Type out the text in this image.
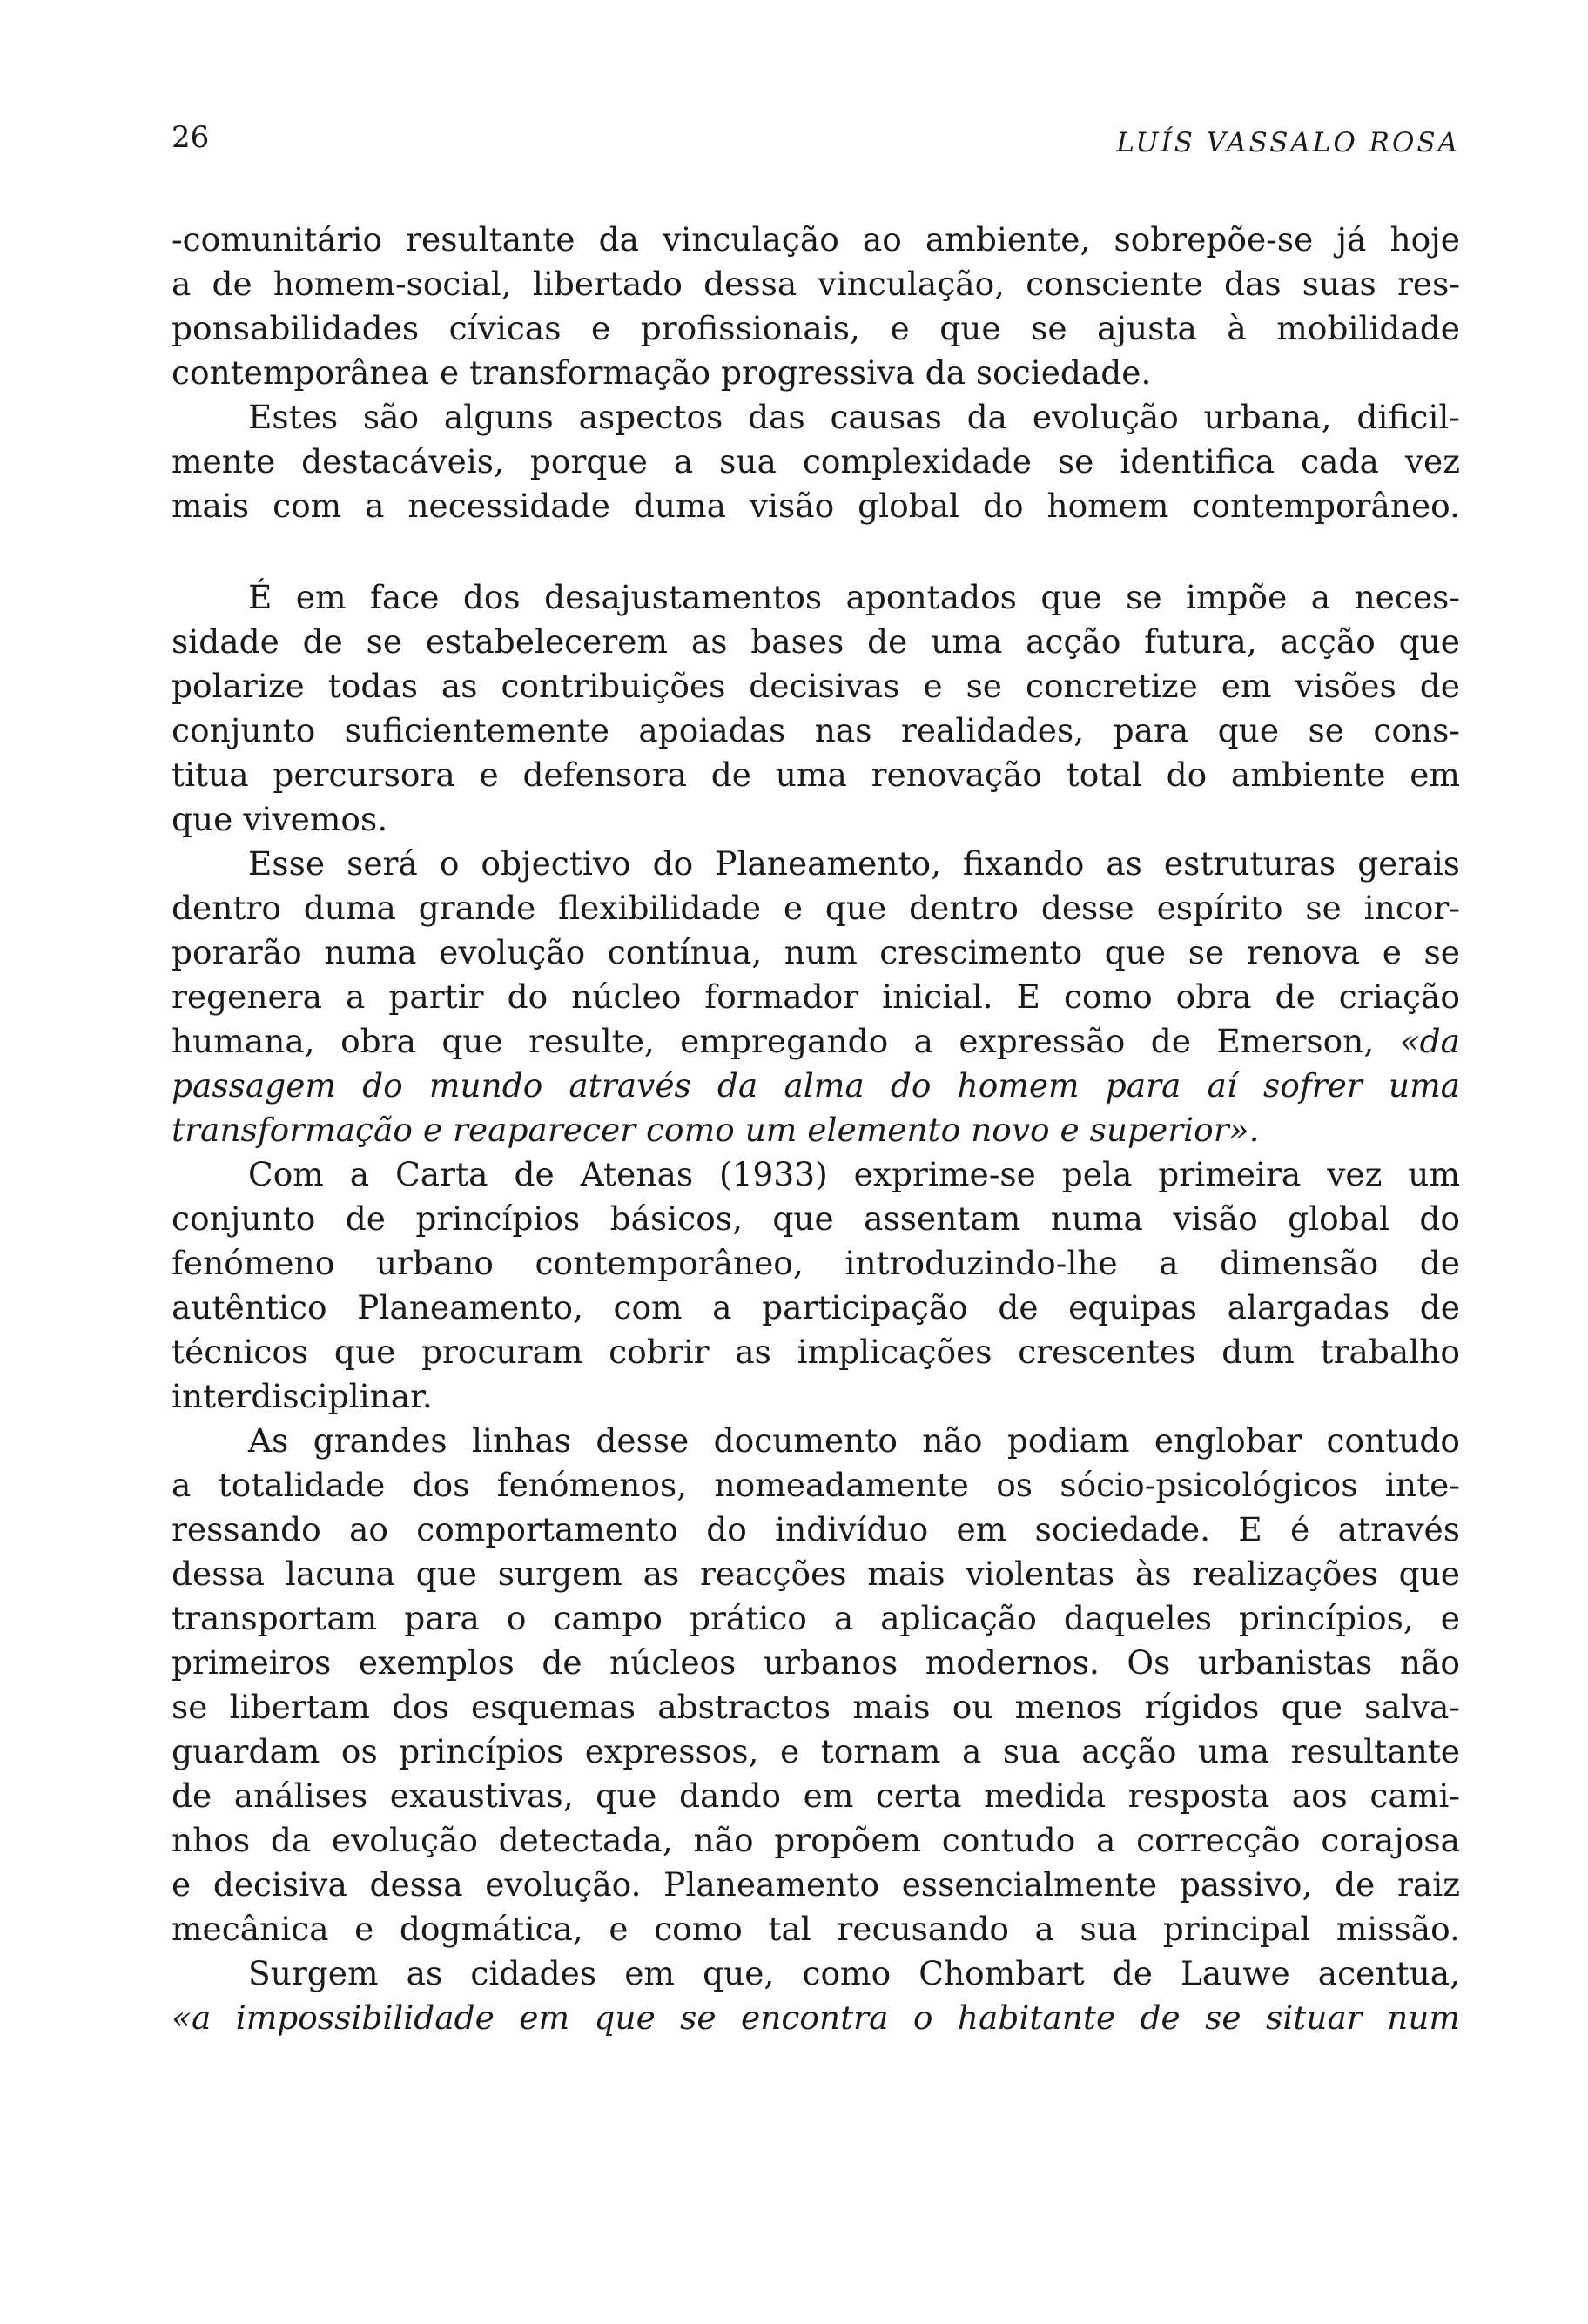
26	LUÍS VASSALO ROSA
-comunitário resultante da vinculação ao ambiente, sobrepõe-se já hoje
a de homem-social, libertado dessa vinculação, consciente das suas res-
ponsabilidades cívicas e profissionais, e que se ajusta à mobilidade
contemporânea e transformação progressiva da sociedade.
Estes são alguns aspectos das causas da evolução urbana, dificil-
mente destacáveis, porque a sua complexidade se identifica cada vez
mais com a necessidade duma visão global do homem contemporâneo.
É em face dos desajustamentos apontados que se impõe a neces-
sidade de se estabelecerem as bases de uma acção futura, acção que
polarize todas as contribuições decisivas e se concretize em visões de
conjunto suficientemente apoiadas nas realidades, para que se cons-
titua percursora e defensora de uma renovação total do ambiente em
que vivemos.
Esse será o objectivo do Planeamento, fixando as estruturas gerais
dentro duma grande flexibilidade e que dentro desse espírito se incor-
porarão numa evolução contínua, num crescimento que se renova e se
regenera a partir do núcleo formador inicial. E como obra de criação
humana, obra que resulte, empregando a expressão de Emerson, «da
passagem do mundo através da alma do homem para aí sofrer uma
transformação e reaparecer como um elemento novo e superior».
Com a Carta de Atenas (1933) exprime-se pela primeira vez um
conjunto de princípios básicos, que assentam numa visão global do
fenómeno urbano contemporâneo, introduzindo-lhe a dimensão de
autêntico Planeamento, com a participação de equipas alargadas de
técnicos que procuram cobrir as implicações crescentes dum trabalho
interdisciplinar.
As grandes linhas desse documento não podiam englobar contudo
a totalidade dos fenómenos, nomeadamente os sócio-psicológicos inte-
ressando ao comportamento do indivíduo em sociedade. E é através
dessa lacuna que surgem as reacções mais violentas às realizações que
transportam para o campo prático a aplicação daqueles princípios, e
primeiros exemplos de núcleos urbanos modernos. Os urbanistas não
se libertam dos esquemas abstractos mais ou menos rígidos que salva-
guardam os princípios expressos, e tornam a sua acção uma resultante
de análises exaustivas, que dando em certa medida resposta aos cami-
nhos da evolução detectada, não propõem contudo a correcção corajosa
e decisiva dessa evolução. Planeamento essencialmente passivo, de raiz
mecânica e dogmática, e como tal recusando a sua principal missão.
Surgem as cidades em que, como Chombart de Lauwe acentua,
«a impossibilidade em que se encontra o habitante de se situar num
